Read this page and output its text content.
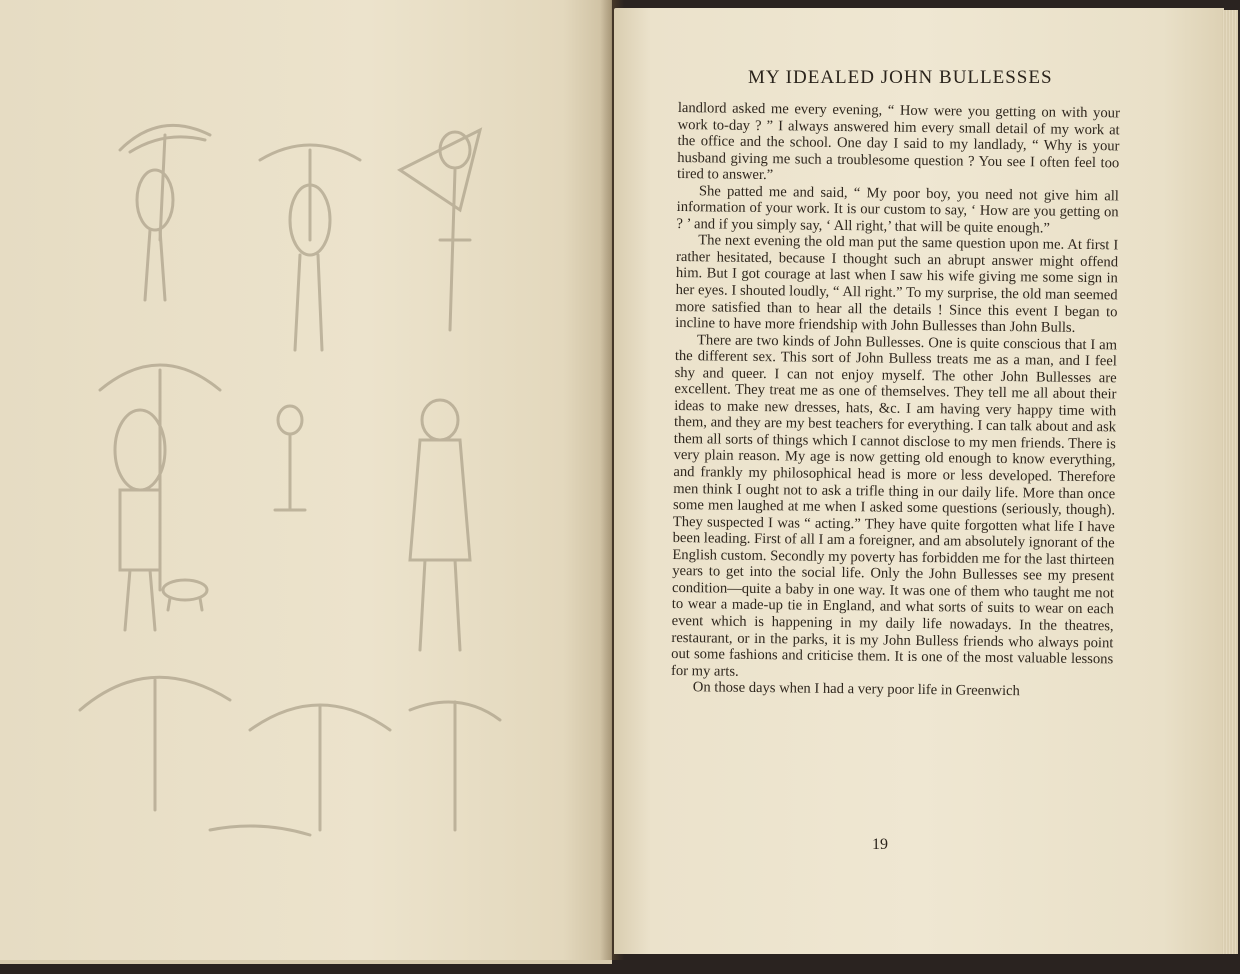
MY IDEALED JOHN BULLESSES

landlord asked me every evening, “ How were you getting on with your work to-day ? ” I always answered him every small detail of my work at the office and the school. One day I said to my landlady, “ Why is your husband giving me such a troublesome question ? You see I often feel too tired to answer.”

She patted me and said, “ My poor boy, you need not give him all information of your work. It is our custom to say, ‘ How are you getting on ? ’ and if you simply say, ‘ All right,’ that will be quite enough.”

The next evening the old man put the same question upon me. At first I rather hesitated, because I thought such an abrupt answer might offend him. But I got courage at last when I saw his wife giving me some sign in her eyes. I shouted loudly, “ All right.” To my surprise, the old man seemed more satisfied than to hear all the details ! Since this event I began to incline to have more friendship with John Bullesses than John Bulls.

There are two kinds of John Bullesses. One is quite conscious that I am the different sex. This sort of John Bulless treats me as a man, and I feel shy and queer. I can not enjoy myself. The other John Bullesses are excellent. They treat me as one of themselves. They tell me all about their ideas to make new dresses, hats, &c. I am having very happy time with them, and they are my best teachers for everything. I can talk about and ask them all sorts of things which I cannot disclose to my men friends. There is very plain reason. My age is now getting old enough to know everything, and frankly my philosophical head is more or less developed. Therefore men think I ought not to ask a trifle thing in our daily life. More than once some men laughed at me when I asked some questions (seriously, though). They suspected I was “ acting.” They have quite forgotten what life I have been leading. First of all I am a foreigner, and am absolutely ignorant of the English custom. Secondly my poverty has forbidden me for the last thirteen years to get into the social life. Only the John Bullesses see my present condition—quite a baby in one way. It was one of them who taught me not to wear a made-up tie in England, and what sorts of suits to wear on each event which is happening in my daily life nowadays. In the theatres, restaurant, or in the parks, it is my John Bulless friends who always point out some fashions and criticise them. It is one of the most valuable lessons for my arts.

On those days when I had a very poor life in Greenwich

19
